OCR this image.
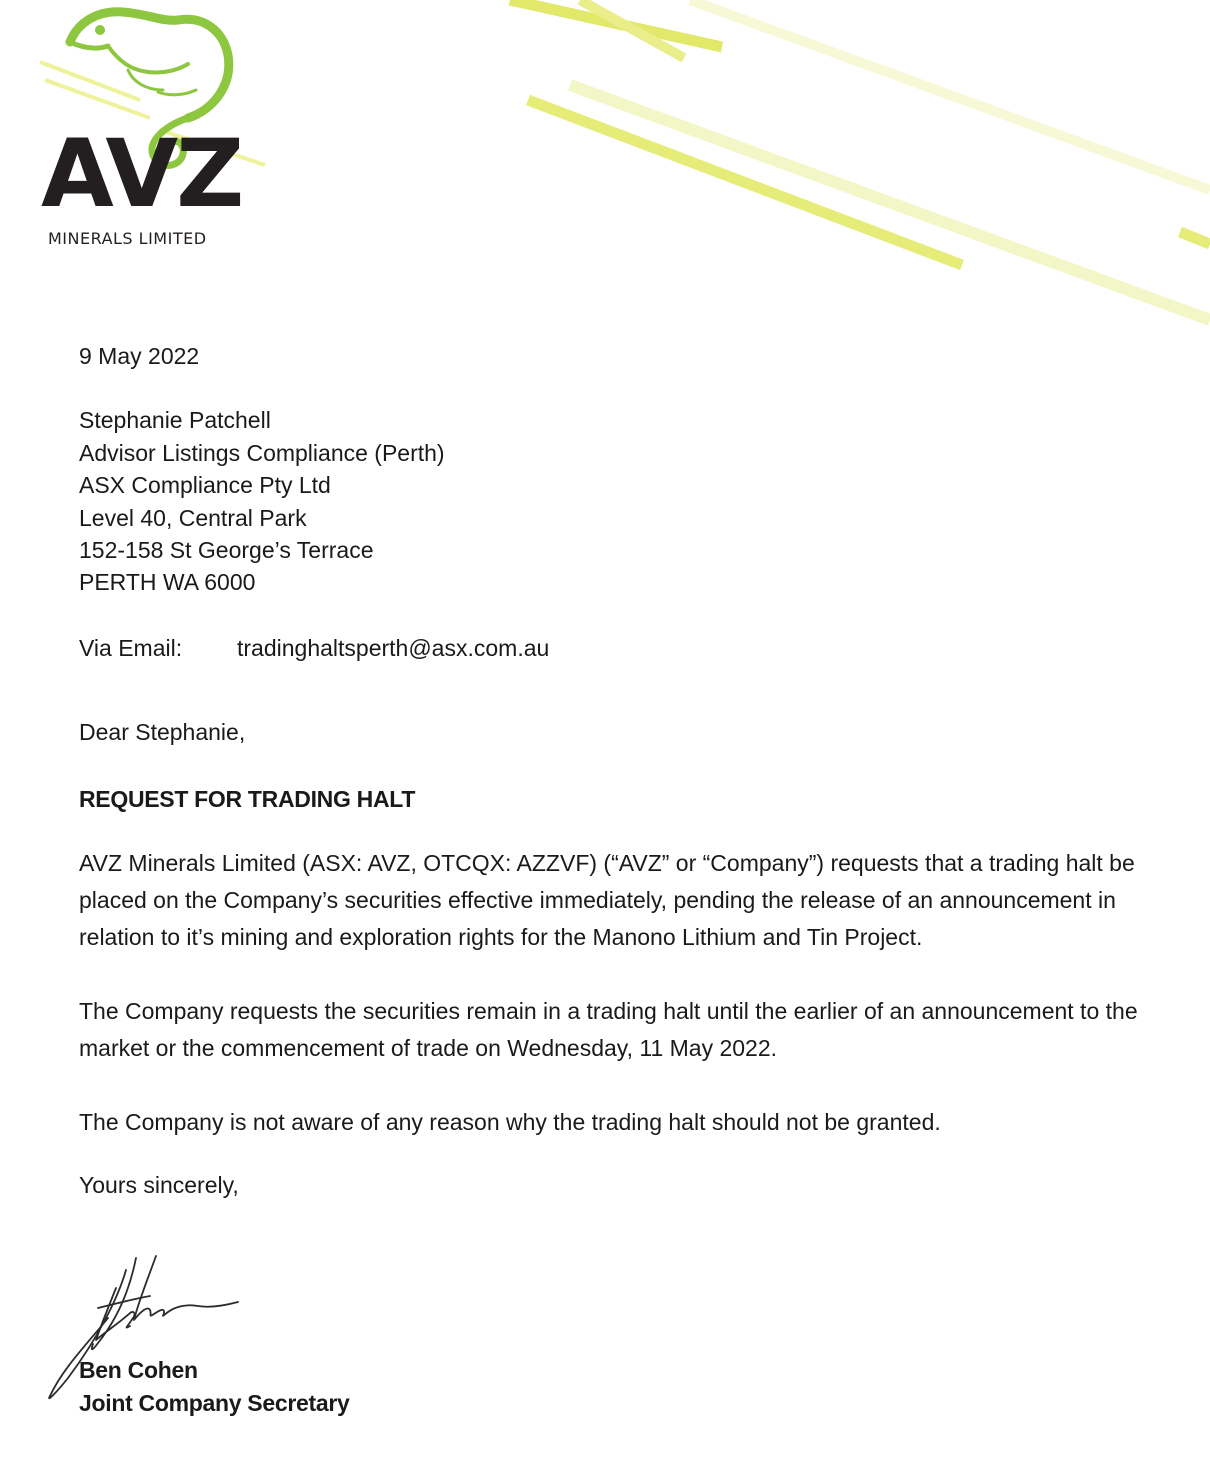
AVZ
MINERALS LIMITED

9 May 2022

Stephanie Patchell

Advisor Listings Compliance (Perth)

ASX Compliance Pty Ltd

Level 40, Central Park

152-158 St George’s Terrace

PERTH WA 6000

Via Email:	tradinghaltsperth@asx.com.au
Dear Stephanie,
REQUEST FOR TRADING HALT

AVZ Minerals Limited (ASX: AVZ, OTCQX: AZZVF) (“AVZ” or “Company”) requests that a trading halt be placed on the Company’s securities effective immediately, pending the release of an announcement in relation to it’s mining and exploration rights for the Manono Lithium and Tin Project.

The Company requests the securities remain in a trading halt until the earlier of an announcement to the market or the commencement of trade on Wednesday, 11 May 2022.

The Company is not aware of any reason why the trading halt should not be granted.

Yours sincerely,

Ben Cohen

Joint Company Secretary
